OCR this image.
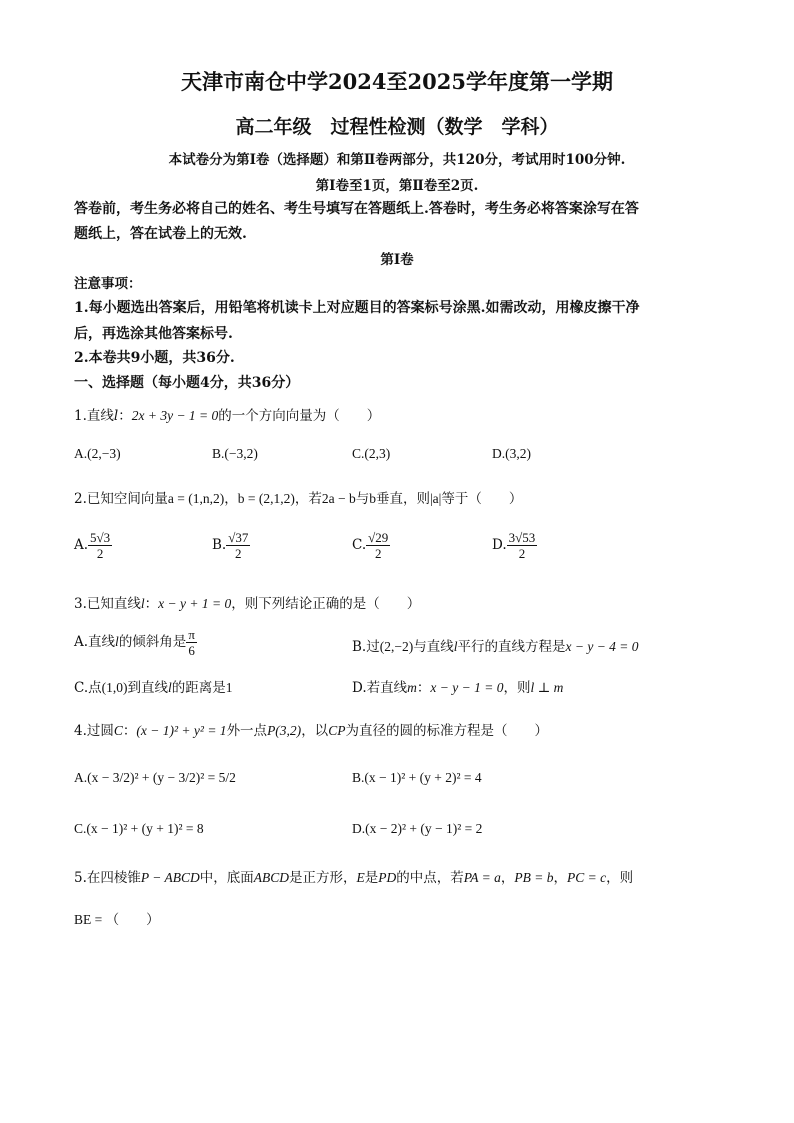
天津市南仓中学2024至2025学年度第一学期
高二年级　过程性检测（数学　学科）
本试卷分为第Ⅰ卷（选择题）和第Ⅱ卷两部分，共120分，考试用时100分钟.
第Ⅰ卷至1页，第Ⅱ卷至2页.
答卷前，考生务必将自己的姓名、考生号填写在答题纸上.答卷时，考生务必将答案涂写在答
题纸上，答在试卷上的无效.
第Ⅰ卷
注意事项：
1.每小题选出答案后，用铅笔将机读卡上对应题目的答案标号涂黑.如需改动，用橡皮擦干净
后，再选涂其他答案标号.
2.本卷共9小题，共36分.
一、选择题（每小题4分，共36分）
1.直线l：2x + 3y − 1 = 0的一个方向向量为（　　）
A.(2,−3)	B.(−3,2)	C.(2,3)	D.(3,2)
2.已知空间向量a = (1,n,2)，b = (2,1,2)，若2a − b与b垂直，则|a|等于（　　）
A. $\frac{5√3}{2}$	B. $\frac{√37}{2}$	C. $\frac{√29}{2}$	D. $\frac{3√53}{2}$
3.已知直线l：x − y + 1 = 0，则下列结论正确的是（　　）
A.直线l的倾斜角是 $\frac{\pi}{6}$	B.过(2,−2)与直线l平行的直线方程是x − y − 4 = 0
C.点(1,0)到直线l的距离是1	D.若直线m：x − y − 1 = 0，则l ⊥ m
4.过圆C：(x − 1)² + y² = 1外一点P(3,2)，以CP为直径的圆的标准方程是（　　）
A.(x − 3/2)² + (y − 3/2)² = 5/2	B.(x − 1)² + (y + 2)² = 4
C.(x − 1)² + (y + 1)² = 8	D.(x − 2)² + (y − 1)² = 2
5.在四棱锥P − ABCD中，底面ABCD是正方形，E是PD的中点，若PA = a，PB = b，PC = c，则
BE = （　　）
